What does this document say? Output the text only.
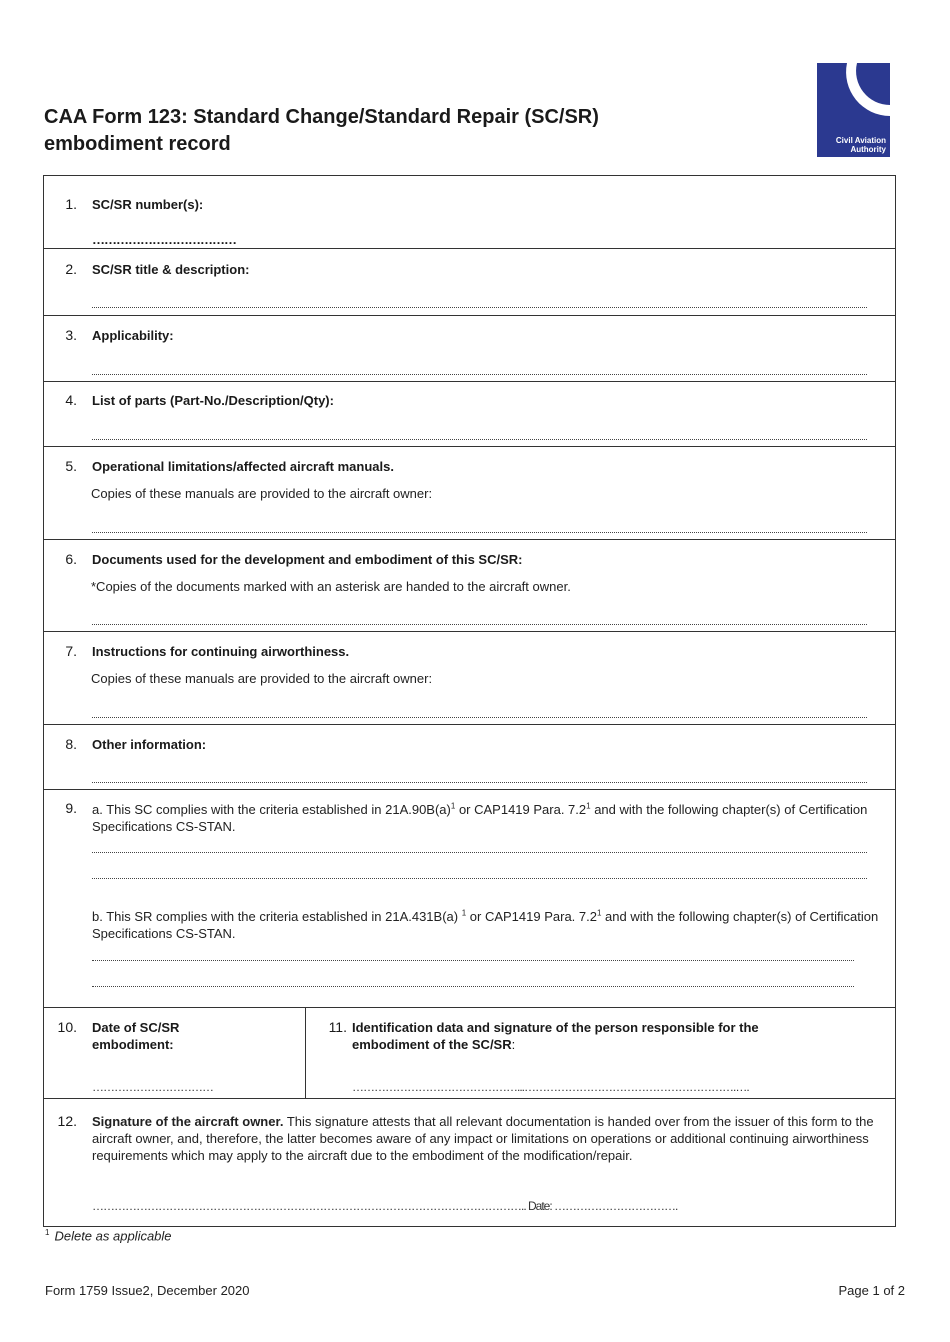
CAA Form 123: Standard Change/Standard Repair (SC/SR)
embodiment record	Civil Aviation
Authority
1. SC/SR number(s):
………………………………
2. SC/SR title & description:
3. Applicability:
4. List of parts (Part-No./Description/Qty):
5. Operational limitations/affected aircraft manuals.
Copies of these manuals are provided to the aircraft owner:
6. Documents used for the development and embodiment of this SC/SR:
*Copies of the documents marked with an asterisk are handed to the aircraft owner.
7. Instructions for continuing airworthiness.
Copies of these manuals are provided to the aircraft owner:
8. Other information:
9. a. This SC complies with the criteria established in $21A.90B(a)^1$ or CAP1419 Para. $7.2^1$ and with the following chapter(s) of Certification Specifications CS-STAN.
b. This SR complies with the criteria established in 21A.431B(a) $^1$ or CAP1419 Para. $7.2^1$ and with the following chapter(s) of Certification Specifications CS-STAN.
10. Date of SC/SR
embodiment:
……………………………
11. Identification data and signature of the person responsible for the
embodiment of the SC/SR:
………………………………………...………………………………………………….….
12. Signature of the aircraft owner. This signature attests that all relevant documentation is handed over from the issuer of this form to the aircraft owner, and, therefore, the latter becomes aware of any impact or limitations on operations or additional continuing airworthiness requirements which may apply to the aircraft due to the embodiment of the modification/repair.
……………………………………………………………………………………………………….. Date: …………………………….
$^1$ Delete as applicable
Form 1759 Issue2, December 2020	Page 1 of 2
